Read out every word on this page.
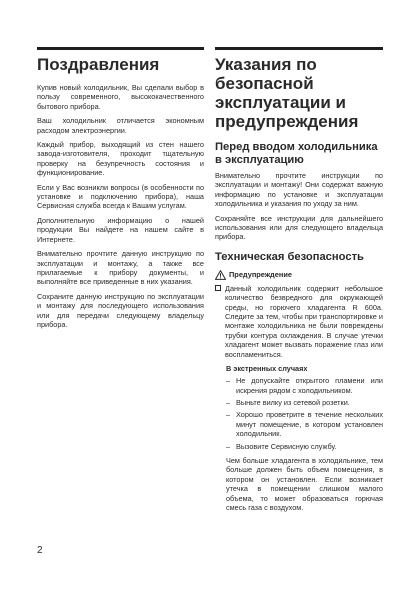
Поздравления

Купив новый холодильник, Вы сделали выбор в пользу современного, высококачественного бытового прибора.

Ваш холодильник отличается экономным расходом электроэнергии.

Каждый прибор, выходящий из стен нашего завода-изготовителя, проходит тщательную проверку на безупречность состояния и функционирование.

Если у Вас возникли вопросы (в особенности по установке и подключению прибора), наша Сервисная служба всегда к Вашим услугам.

Дополнительную информацию о нашей продукции Вы найдете на нашем сайте в Интернете.

Внимательно прочтите данную инструкцию по эксплуатации и монтажу, а также все прилагаемые к прибору документы, и выполняйте все приведенные в них указания.

Сохраните данную инструкцию по эксплуатации и монтажу для последующего использования или для передачи следующему владельцу прибора.

Указания по безопасной эксплуатации и предупреждения
Перед вводом холодильника в эксплуатацию

Внимательно прочтите инструкции по эксплуатации и монтажу! Они содержат важную информацию по установке и эксплуатации холодильника и указания по уходу за ним.

Сохраняйте все инструкции для дальнейшего использования или для следующего владельца прибора.

Техническая безопасность
Предупреждение

Данный холодильник содержит небольшое количество безвредного для окружающей среды, но горючего хладагента R 600a. Следите за тем, чтобы при транспортировке и монтаже холодильника не были повреждены трубки контура охлаждения. В случае утечки хладагент может вызвать поражение глаз или воспламениться.

В экстренных случаях
– Не допускайте открытого пламени или искрения рядом с холодильником.

– Выньте вилку из сетевой розетки.

– Хорошо проветрите в течение нескольких минут помещение, в котором установлен холодильник.

– Вызовите Сервисную службу.

Чем больше хладагента в холодильнике, тем больше должен быть объем помещения, в котором он установлен. Если возникает утечка в помещении слишком малого объема, то может образоваться горючая смесь газа с воздухом.

2
